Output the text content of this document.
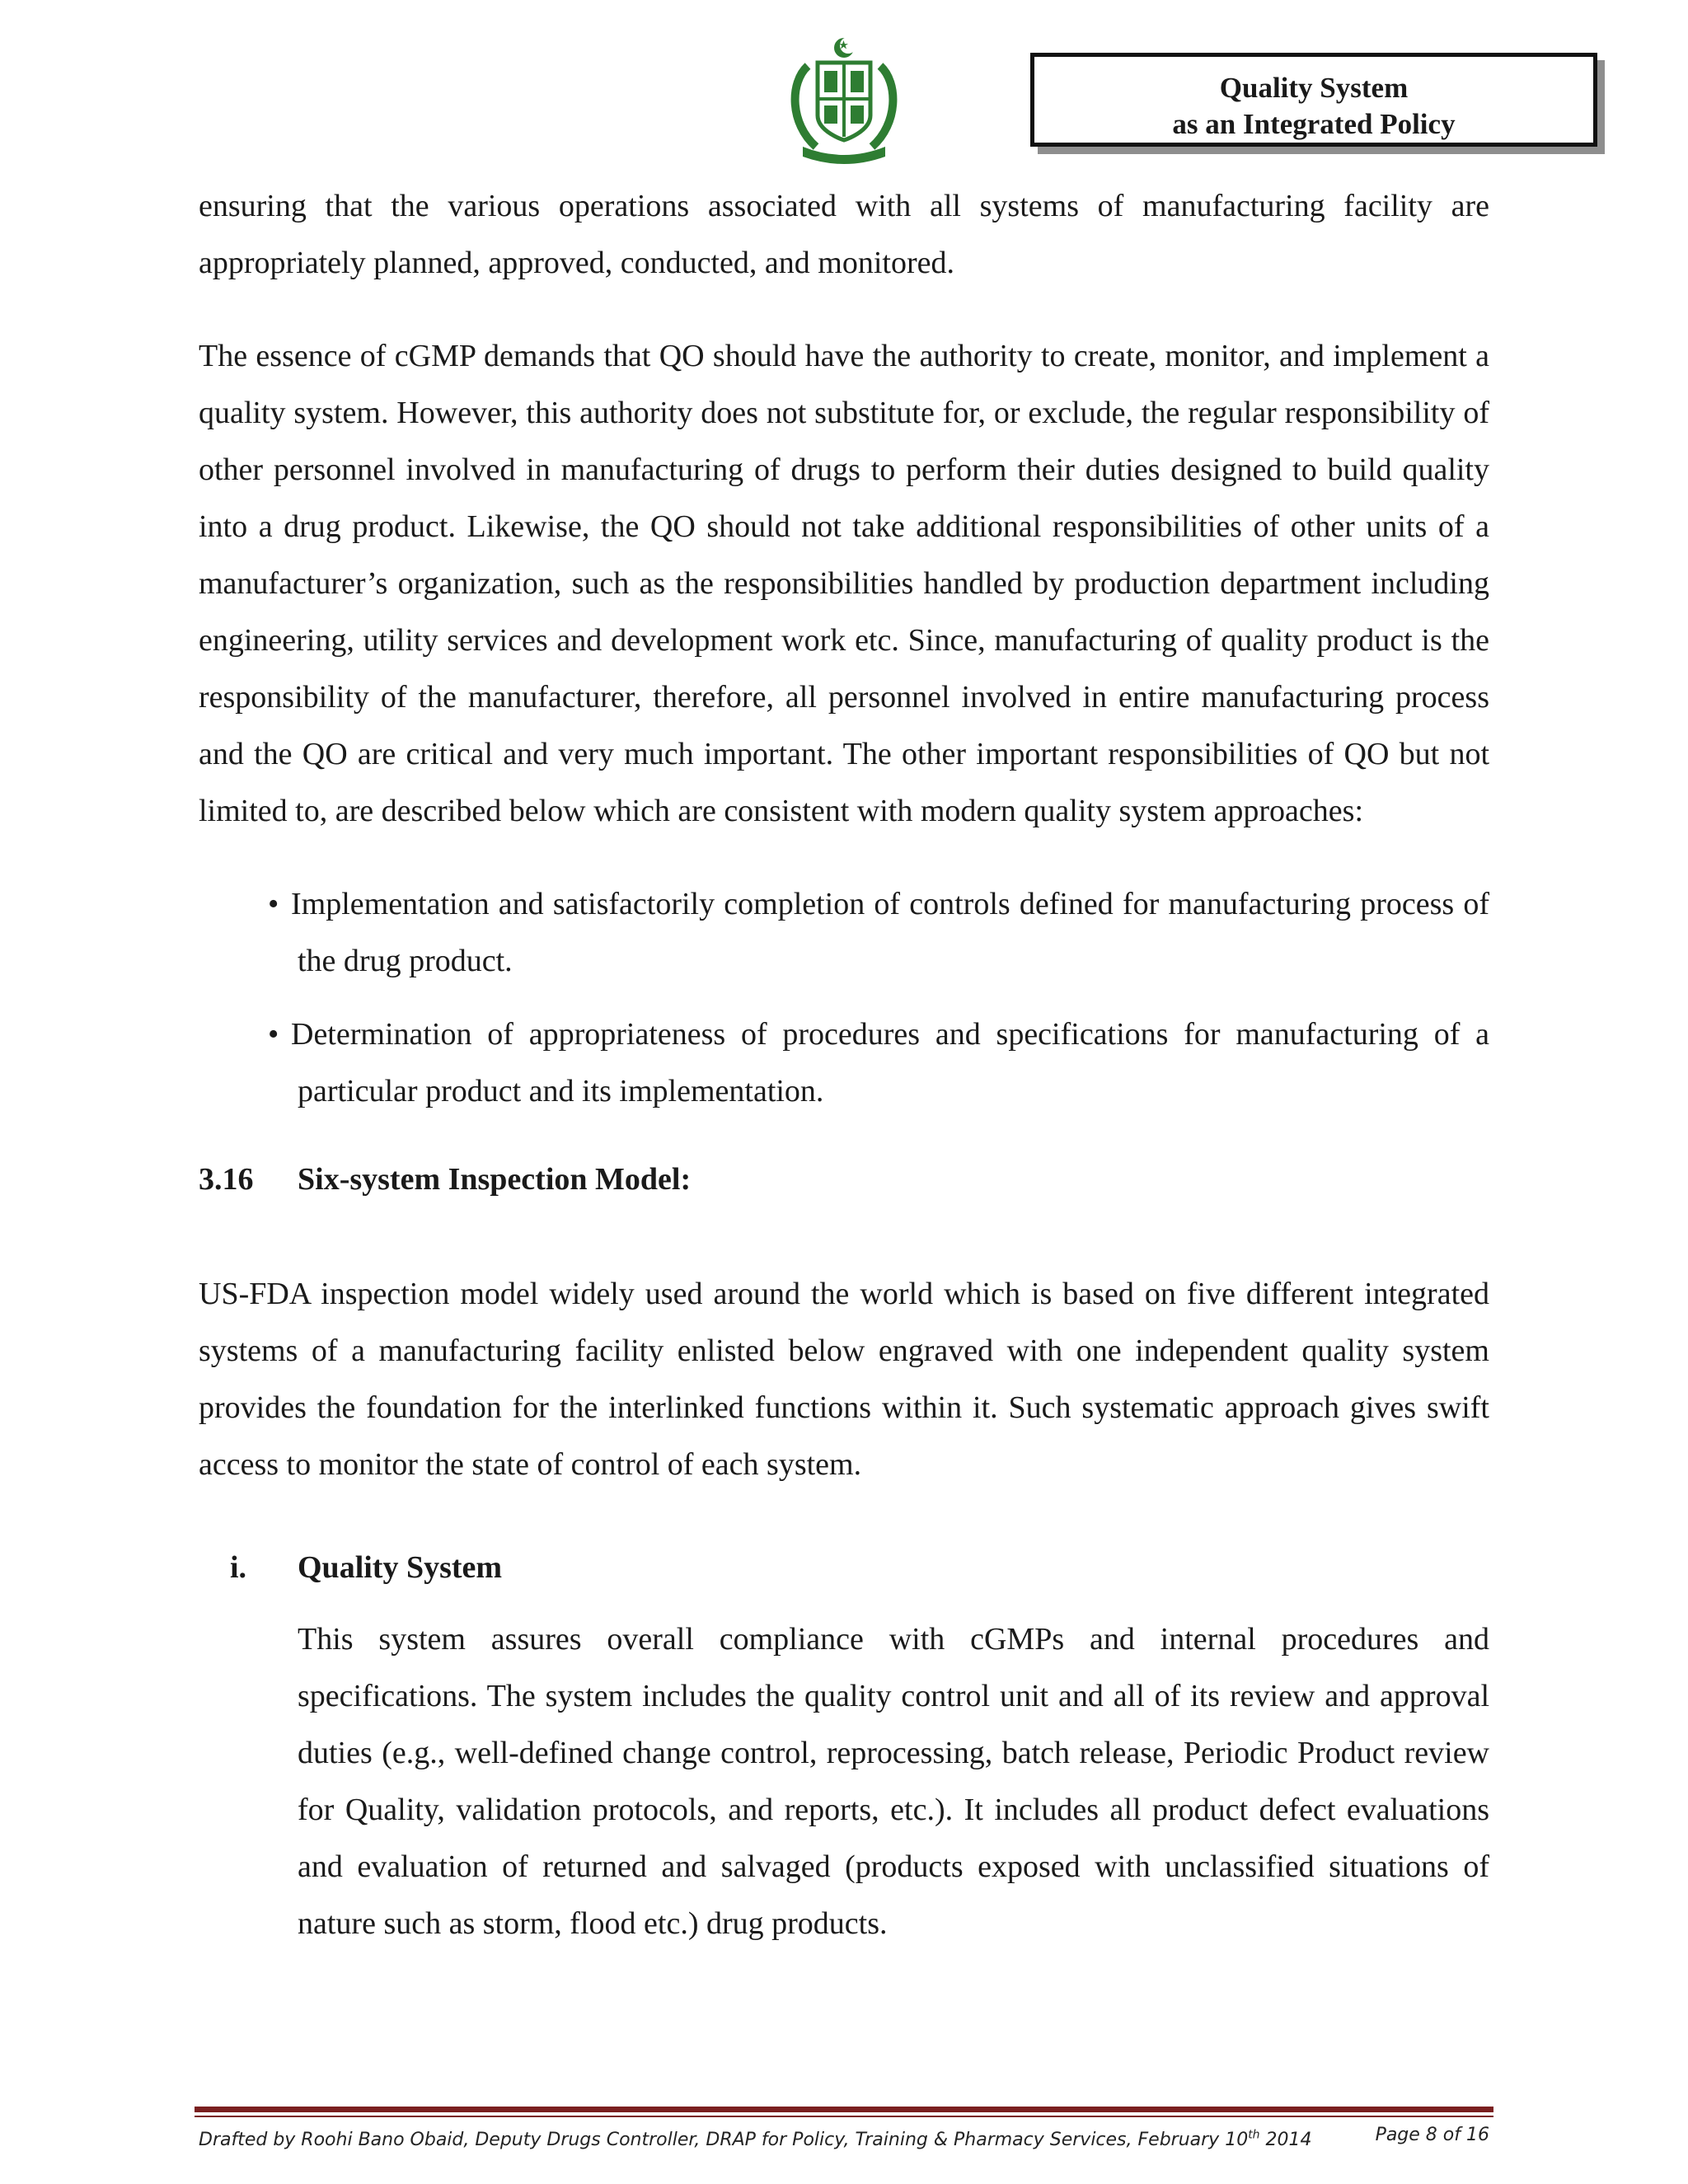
Quality System
as an Integrated Policy

ensuring that the various operations associated with all systems of manufacturing facility are appropriately planned, approved, conducted, and monitored.

The essence of cGMP demands that QO should have the authority to create, monitor, and implement a quality system. However, this authority does not substitute for, or exclude, the regular responsibility of other personnel involved in manufacturing of drugs to perform their duties designed to build quality into a drug product. Likewise, the QO should not take additional responsibilities of other units of a manufacturer’s organization, such as the responsibilities handled by production department including engineering, utility services and development work etc. Since, manufacturing of quality product is the responsibility of the manufacturer, therefore, all personnel involved in entire manufacturing process and the QO are critical and very much important. The other important responsibilities of QO but not limited to, are described below which are consistent with modern quality system approaches:

• Implementation and satisfactorily completion of controls defined for manufacturing process of the drug product.
• Determination of appropriateness of procedures and specifications for manufacturing of a particular product and its implementation.
3.16 Six-system Inspection Model:

US-FDA inspection model widely used around the world which is based on five different integrated systems of a manufacturing facility enlisted below engraved with one independent quality system provides the foundation for the interlinked functions within it. Such systematic approach gives swift access to monitor the state of control of each system.

i. Quality System

This system assures overall compliance with cGMPs and internal procedures and specifications. The system includes the quality control unit and all of its review and approval duties (e.g., well-defined change control, reprocessing, batch release, Periodic Product review for Quality, validation protocols, and reports, etc.). It includes all product defect evaluations and evaluation of returned and salvaged (products exposed with unclassified situations of nature such as storm, flood etc.) drug products.

Drafted by Roohi Bano Obaid, Deputy Drugs Controller, DRAP for Policy, Training & Pharmacy Services, February 10th 2014	Page 8 of 16
